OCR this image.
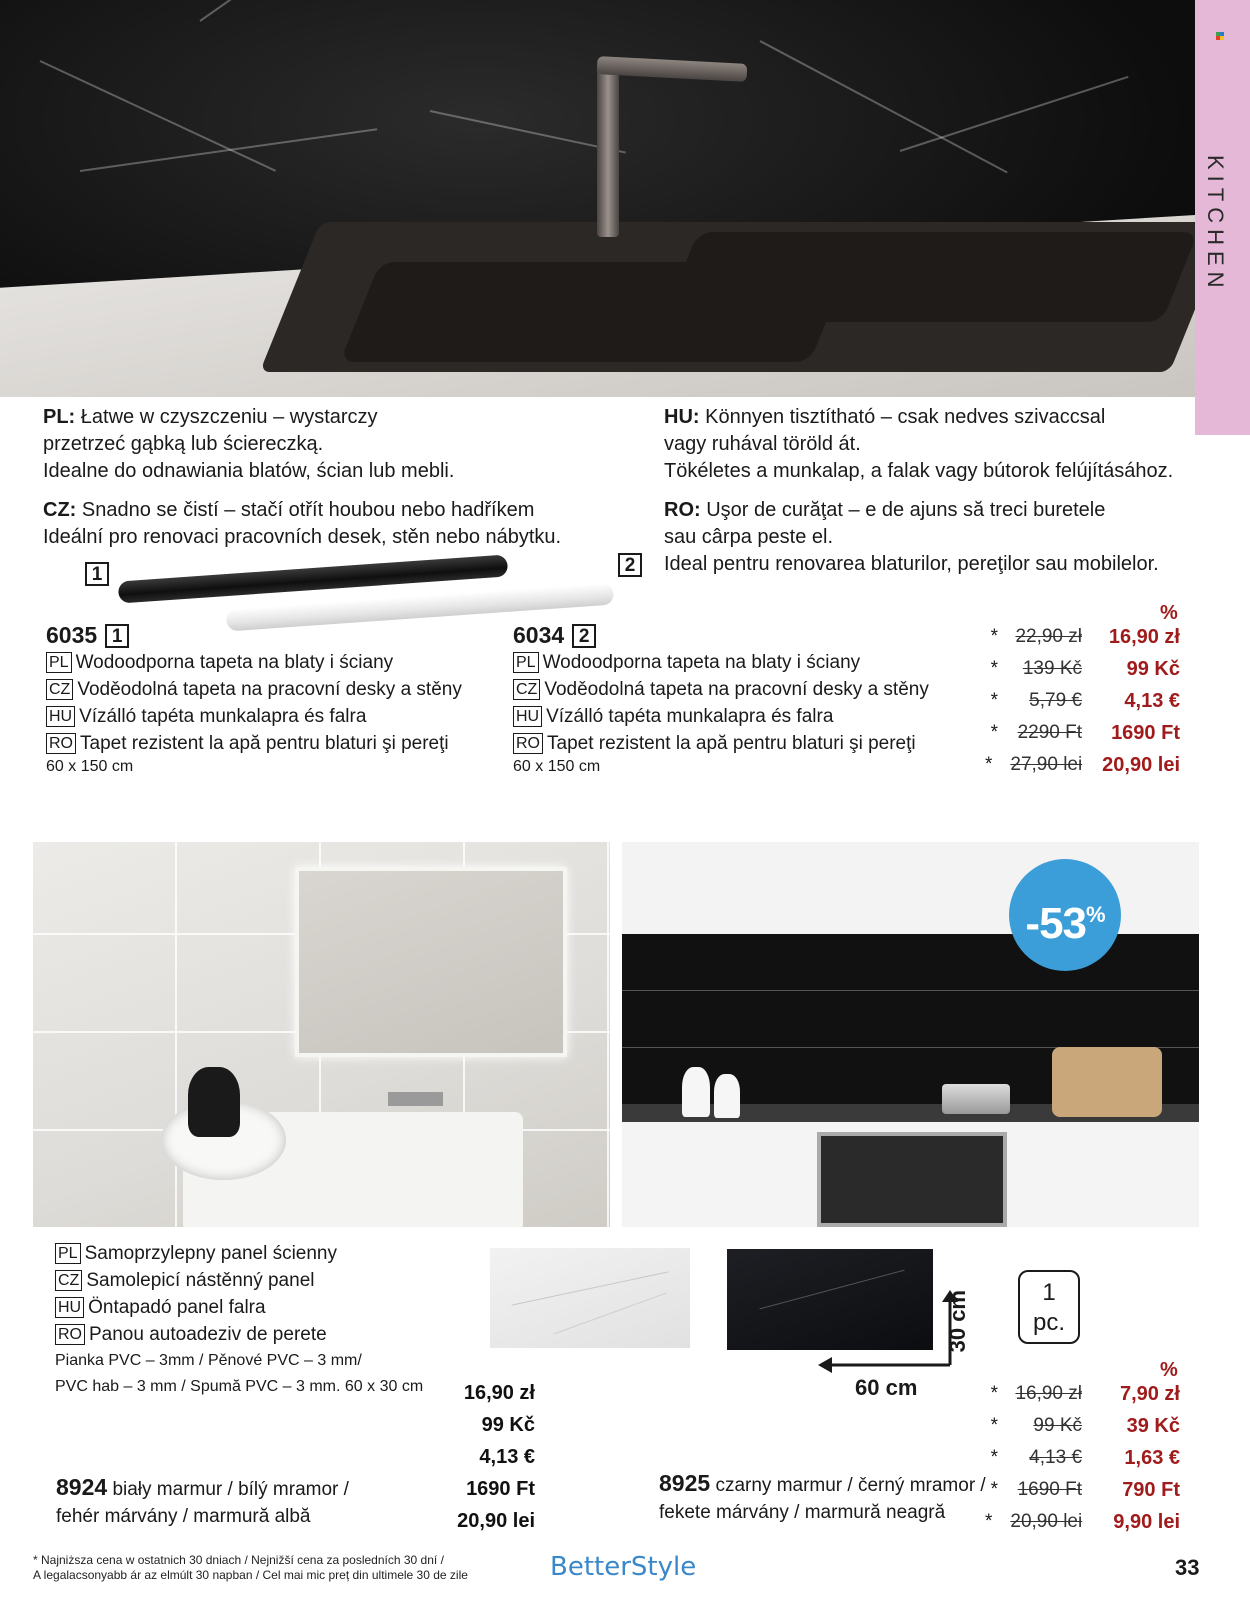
KITCHEN
PL: Łatwe w czyszczeniu – wystarczy
przetrzeć gąbką lub ściereczką.
Idealne do odnawiania blatów, ścian lub mebli.
CZ: Snadno se čistí – stačí otřít houbou nebo hadříkem
Ideální pro renovaci pracovních desek, stěn nebo nábytku.
HU: Könnyen tisztítható – csak nedves szivaccsal
vagy ruhával töröld át.
Tökéletes a munkalap, a falak vagy bútorok felújításához.
RO: Uşor de curăţat – e de ajuns să treci buretele
sau cârpa peste el.
Ideal pentru renovarea blaturilor, pereţilor sau mobilelor.
1	2
6035 1
PL Wodoodporna tapeta na blaty i ściany
CZ Voděodolná tapeta na pracovní desky a stěny
HU Vízálló tapéta munkalapra és falra
RO Tapet rezistent la apă pentru blaturi şi pereţi
60 x 150 cm
6034 2
PL Wodoodporna tapeta na blaty i ściany
CZ Voděodolná tapeta na pracovní desky a stěny
HU Vízálló tapéta munkalapra és falra
RO Tapet rezistent la apă pentru blaturi şi pereţi
60 x 150 cm
%
* 22,90 zł	16,90 zł
*	139 Kč	99 Kč
*	5,79 €	4,13 €
*	2290 Ft	1690 Ft
* 27,90 lei 20,90 lei
-53%
PL Samoprzylepny panel ścienny
CZ Samolepicí nástěnný panel
HU Öntapadó panel falra
RO Panou autoadeziv de perete
Pianka PVC – 3mm / Pěnové PVC – 3 mm/
PVC hab – 3 mm / Spumă PVC – 3 mm. 60 x 30 cm
30 cm
60 cm
1
pc.
16,90 zł
99 Kč
4,13 €
1690 Ft
20,90 lei
8924 biały marmur / bílý mramor /
fehér márvány / marmură albă
8925 czarny marmur / černý mramor /
fekete márvány / marmură neagră
%
* 16,90 zł	7,90 zł
*	99 Kč	39 Kč
*	4,13 €	1,63 €
*	1690 Ft	790 Ft
* 20,90 lei	9,90 lei
* Najniższa cena w ostatnich 30 dniach / Nejnižší cena za posledních 30 dní /
A legalacsonyabb ár az elmúlt 30 napban / Cel mai mic preț din ultimele 30 de zile	BetterStyle	33
